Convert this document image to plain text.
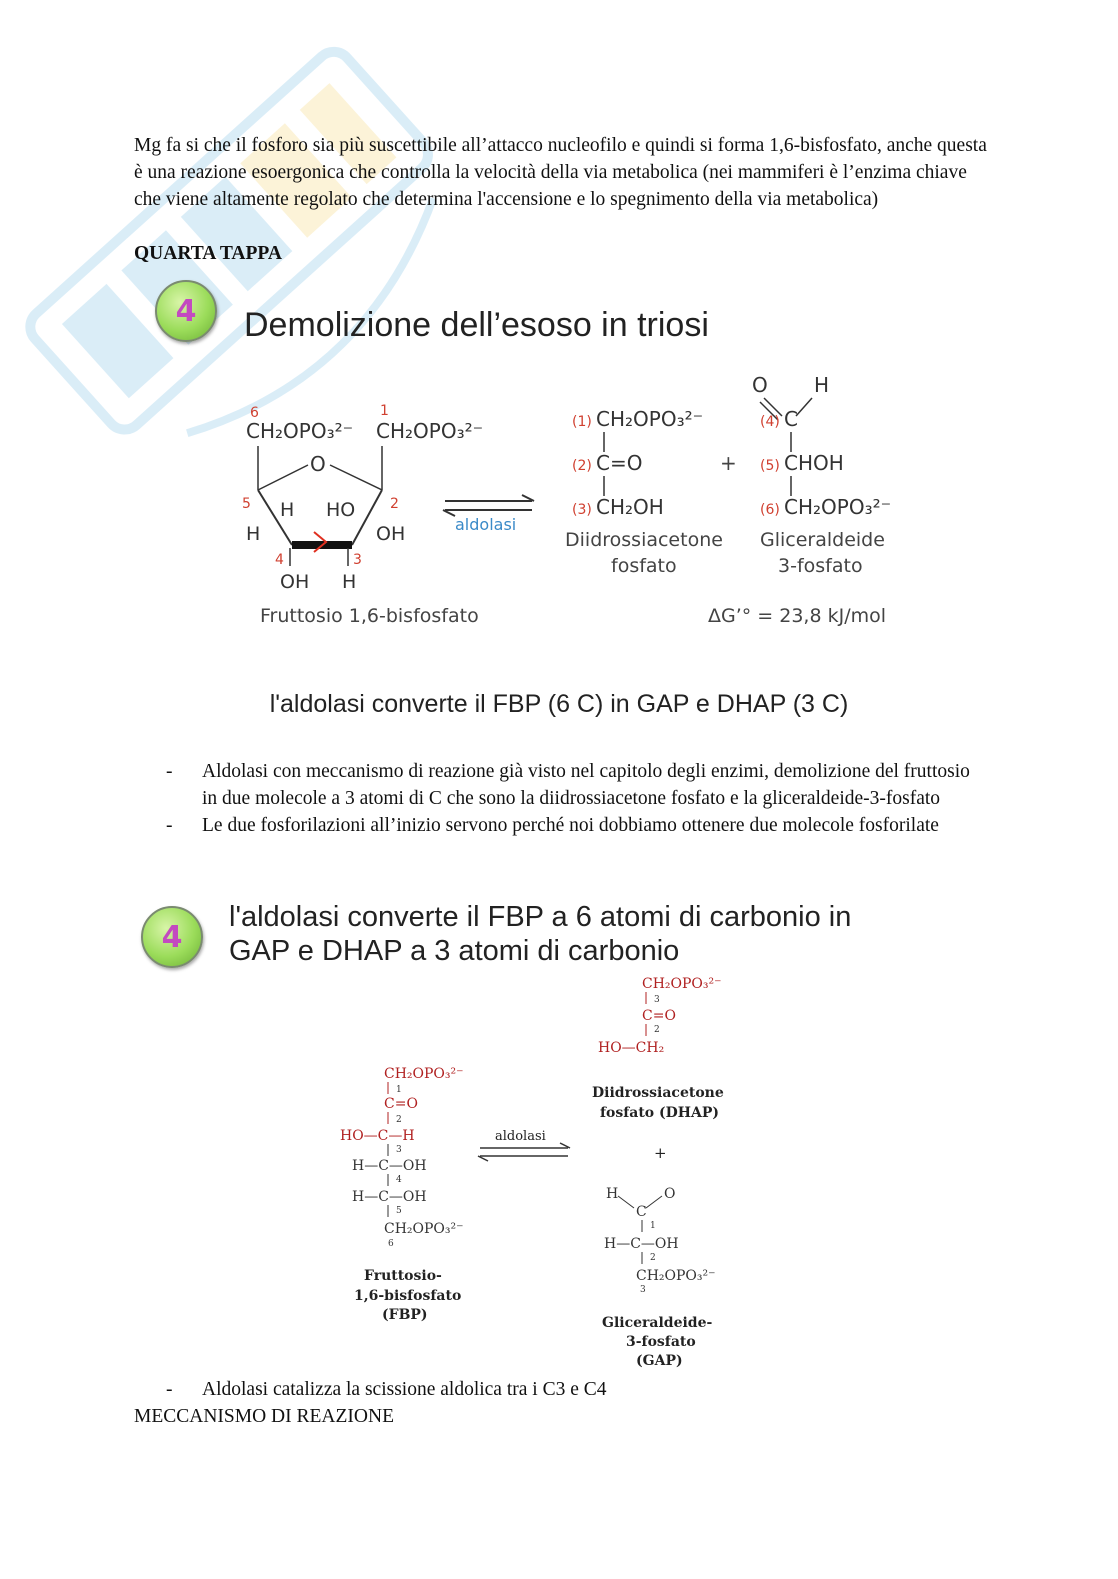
Mg fa si che il fosforo sia più suscettibile all’attacco nucleofilo e quindi si forma 1,6-bisfosfato, anche questa è una reazione esoergonica che controlla la velocità della via metabolica (nei mammiferi è l’enzima chiave che viene altamente regolato che determina l'accensione e lo spegnimento della via metabolica)
QUARTA TAPPA
4	Demolizione dell’esoso in triosi
6	1
5	2
4	3
CH₂OPO₃²⁻ CH₂OPO₃²⁻
O
H HO
H	OH
OH H
Fruttosio 1,6-bisfosfato
aldolasi
(1) CH₂OPO₃²⁻
(2) C=O
(3) CH₂OH
Diidrossiacetone
fosfato
+
O H
(4) C
(5) CHOH
(6) CH₂OPO₃²⁻
Gliceraldeide
3-fosfato
ΔG’° = 23,8 kJ/mol
l'aldolasi converte il FBP (6 C) in GAP e DHAP (3 C)
-	Aldolasi con meccanismo di reazione già visto nel capitolo degli enzimi, demolizione del fruttosio in due molecole a 3 atomi di C che sono la diidrossiacetone fosfato e la gliceraldeide-3-fosfato
-	Le due fosforilazioni all’inizio servono perché noi dobbiamo ottenere due molecole fosforilate
4
l'aldolasi converte il FBP a 6 atomi di carbonio in
GAP e DHAP a 3 atomi di carbonio
CH₂OPO₃²⁻
1
C=O
2
HO—C—H
3
H—C—OH
4
H—C—OH
5
CH₂OPO₃²⁻
6
Fruttosio-
1,6-bisfosfato
(FBP)
aldolasi
CH₂OPO₃²⁻
3
C=O
2
HO—CH₂
Diidrossiacetone
fosfato (DHAP)
+
H	O
C
1
H—C—OH
2
CH₂OPO₃²⁻
3
Gliceraldeide-
3-fosfato
(GAP)
-	Aldolasi catalizza la scissione aldolica tra i C3 e C4
MECCANISMO DI REAZIONE
